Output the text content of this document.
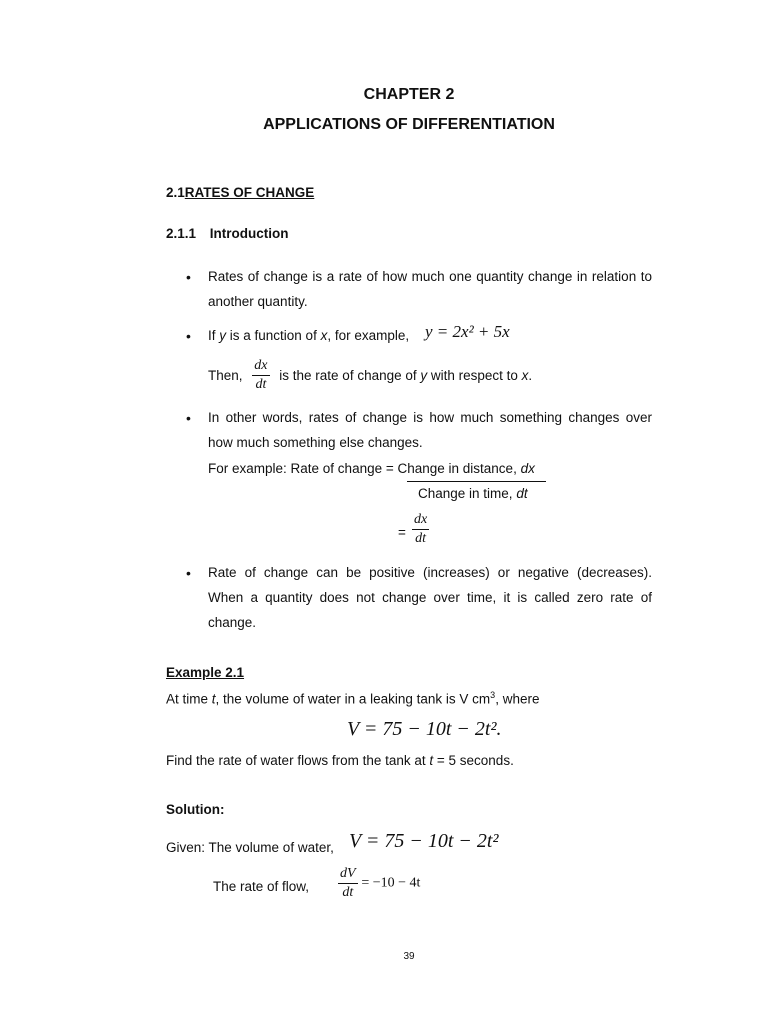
CHAPTER 2
APPLICATIONS OF DIFFERENTIATION
2.1RATES OF CHANGE
2.1.1 Introduction
• Rates of change is a rate of how much one quantity change in relation to another quantity.
• If y is a function of x, for example, y = 2x² + 5x
Then, $\frac{dx}{dt}$ is the rate of change of y with respect to x.
• In other words, rates of change is how much something changes over how much something else changes.
For example: Rate of change = Change in distance, dx
Change in time, dt
= $\frac{dx}{dt}$
• Rate of change can be positive (increases) or negative (decreases). When a quantity does not change over time, it is called zero rate of change.
Example 2.1
At time t, the volume of water in a leaking tank is V $cm^3$, where
V = 75 − 10t − 2t².
Find the rate of water flows from the tank at t = 5 seconds.
Solution:
Given: The volume of water, V = 75 − 10t − 2t²
The rate of flow, $\frac{dV}{dt} = -10 - 4t$
39
